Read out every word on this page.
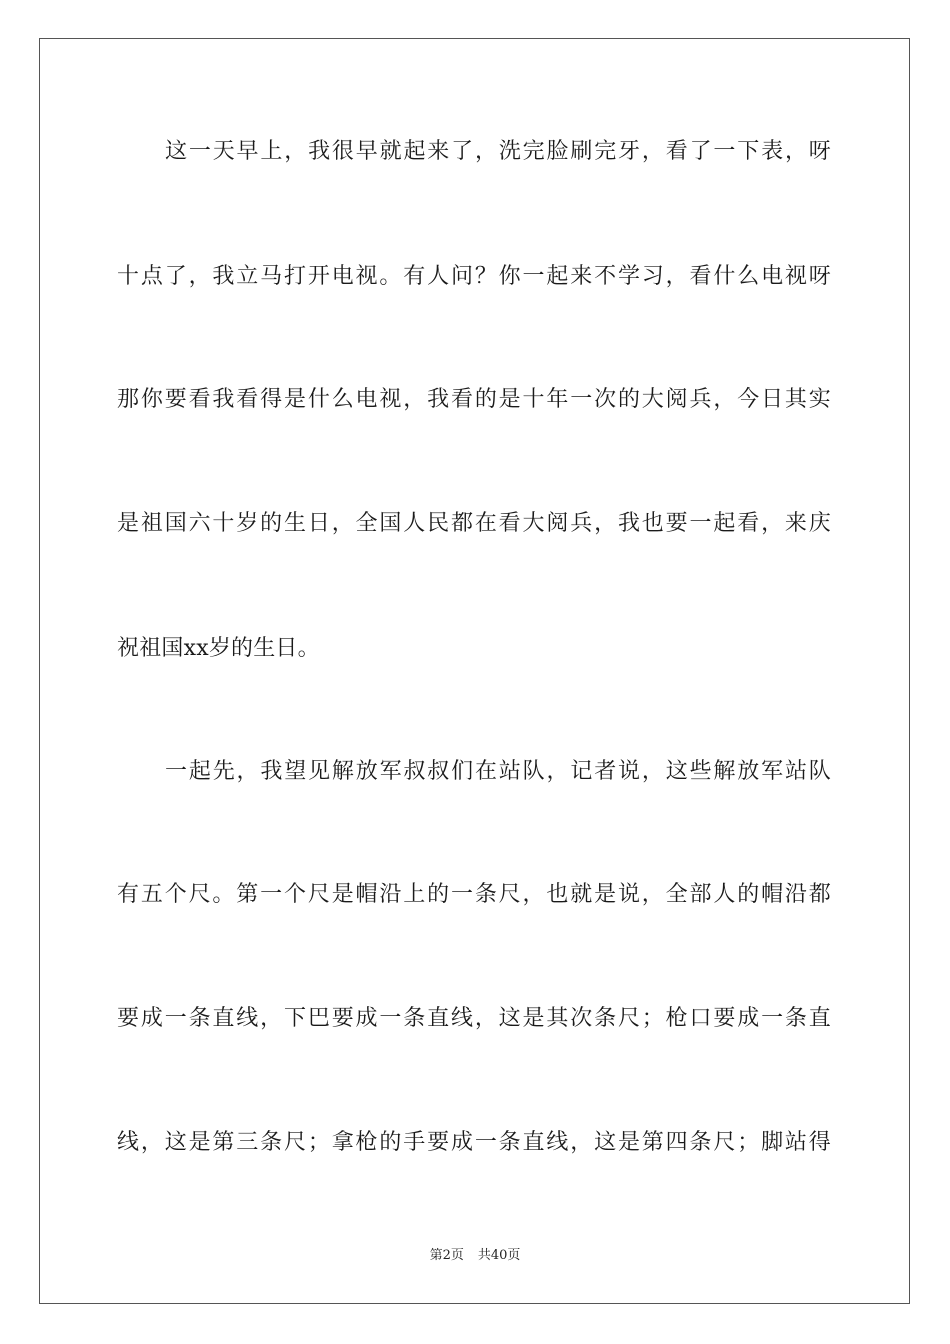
这一天早上，我很早就起来了，洗完脸刷完牙，看了一下表，呀
十点了，我立马打开电视。有人问？你一起来不学习，看什么电视呀
那你要看我看得是什么电视，我看的是十年一次的大阅兵，今日其实
是祖国六十岁的生日，全国人民都在看大阅兵，我也要一起看，来庆
祝祖国xx岁的生日。
一起先，我望见解放军叔叔们在站队，记者说，这些解放军站队
有五个尺。第一个尺是帽沿上的一条尺，也就是说，全部人的帽沿都
要成一条直线，下巴要成一条直线，这是其次条尺；枪口要成一条直
线，这是第三条尺；拿枪的手要成一条直线，这是第四条尺；脚站得
第2页 共40页
